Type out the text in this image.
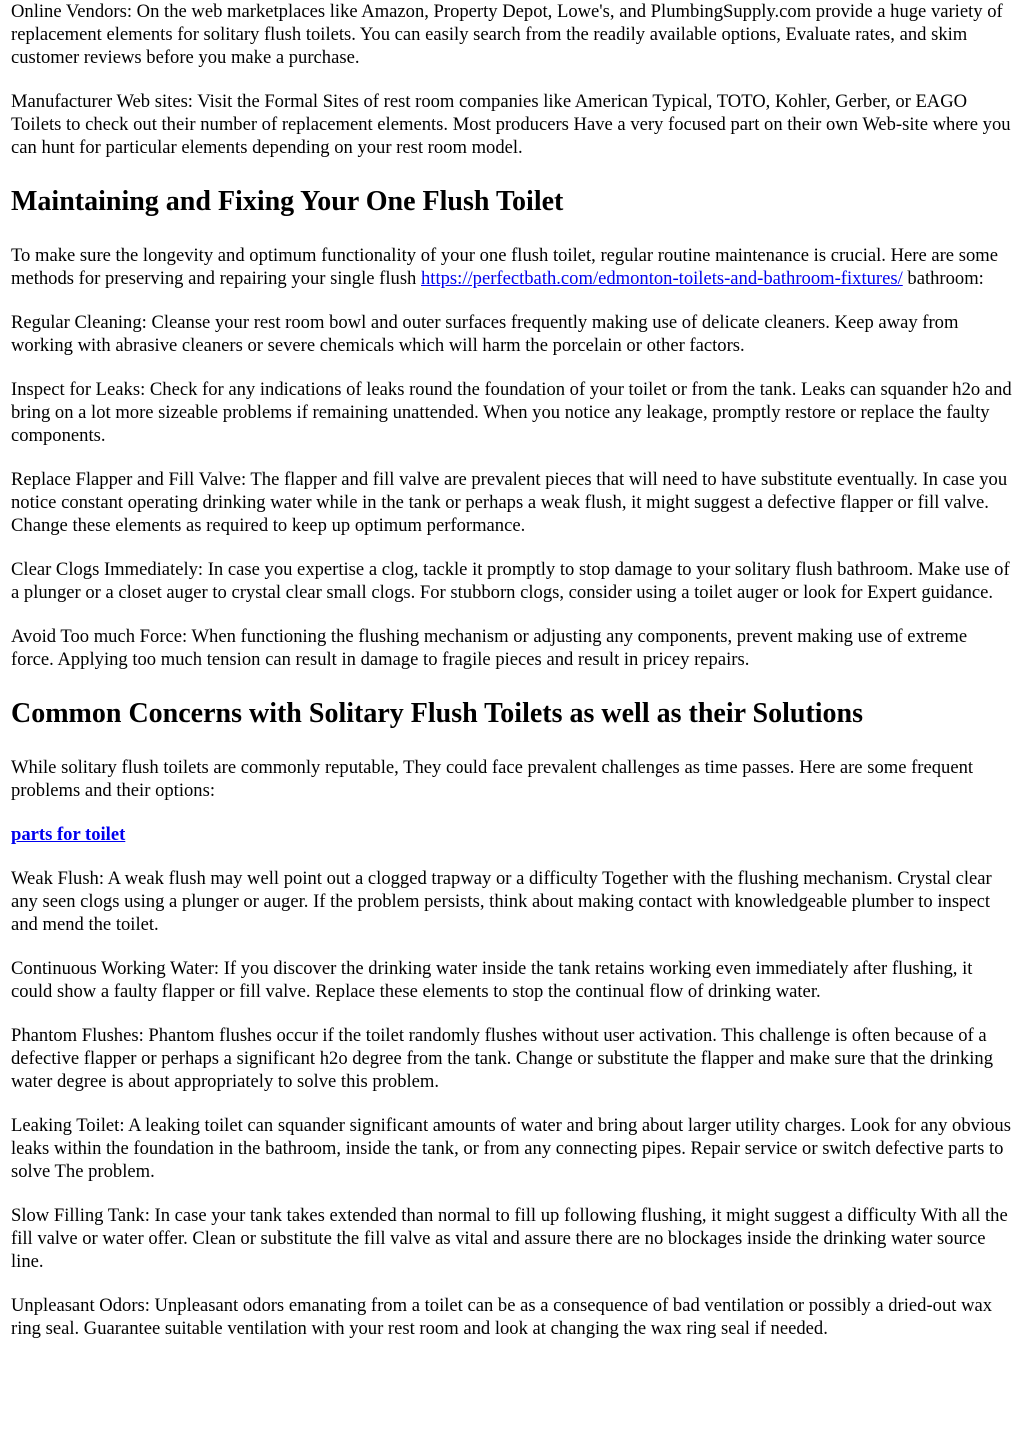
Online Vendors: On the web marketplaces like Amazon, Property Depot, Lowe's, and PlumbingSupply.com provide a huge variety of replacement elements for solitary flush toilets. You can easily search from the readily available options, Evaluate rates, and skim customer reviews before you make a purchase.

Manufacturer Web sites: Visit the Formal Sites of rest room companies like American Typical, TOTO, Kohler, Gerber, or EAGO Toilets to check out their number of replacement elements. Most producers Have a very focused part on their own Web-site where you can hunt for particular elements depending on your rest room model.

Maintaining and Fixing Your One Flush Toilet

To make sure the longevity and optimum functionality of your one flush toilet, regular routine maintenance is crucial. Here are some methods for preserving and repairing your single flush https://perfectbath.com/edmonton-toilets-and-bathroom-fixtures/ bathroom:

Regular Cleaning: Cleanse your rest room bowl and outer surfaces frequently making use of delicate cleaners. Keep away from working with abrasive cleaners or severe chemicals which will harm the porcelain or other factors.

Inspect for Leaks: Check for any indications of leaks round the foundation of your toilet or from the tank. Leaks can squander h2o and bring on a lot more sizeable problems if remaining unattended. When you notice any leakage, promptly restore or replace the faulty components.

Replace Flapper and Fill Valve: The flapper and fill valve are prevalent pieces that will need to have substitute eventually. In case you notice constant operating drinking water while in the tank or perhaps a weak flush, it might suggest a defective flapper or fill valve. Change these elements as required to keep up optimum performance.

Clear Clogs Immediately: In case you expertise a clog, tackle it promptly to stop damage to your solitary flush bathroom. Make use of a plunger or a closet auger to crystal clear small clogs. For stubborn clogs, consider using a toilet auger or look for Expert guidance.

Avoid Too much Force: When functioning the flushing mechanism or adjusting any components, prevent making use of extreme force. Applying too much tension can result in damage to fragile pieces and result in pricey repairs.

Common Concerns with Solitary Flush Toilets as well as their Solutions

While solitary flush toilets are commonly reputable, They could face prevalent challenges as time passes. Here are some frequent problems and their options:

parts for toilet

Weak Flush: A weak flush may well point out a clogged trapway or a difficulty Together with the flushing mechanism. Crystal clear any seen clogs using a plunger or auger. If the problem persists, think about making contact with knowledgeable plumber to inspect and mend the toilet.

Continuous Working Water: If you discover the drinking water inside the tank retains working even immediately after flushing, it could show a faulty flapper or fill valve. Replace these elements to stop the continual flow of drinking water.

Phantom Flushes: Phantom flushes occur if the toilet randomly flushes without user activation. This challenge is often because of a defective flapper or perhaps a significant h2o degree from the tank. Change or substitute the flapper and make sure that the drinking water degree is about appropriately to solve this problem.

Leaking Toilet: A leaking toilet can squander significant amounts of water and bring about larger utility charges. Look for any obvious leaks within the foundation in the bathroom, inside the tank, or from any connecting pipes. Repair service or switch defective parts to solve The problem.

Slow Filling Tank: In case your tank takes extended than normal to fill up following flushing, it might suggest a difficulty With all the fill valve or water offer. Clean or substitute the fill valve as vital and assure there are no blockages inside the drinking water source line.

Unpleasant Odors: Unpleasant odors emanating from a toilet can be as a consequence of bad ventilation or possibly a dried-out wax ring seal. Guarantee suitable ventilation with your rest room and look at changing the wax ring seal if needed.
